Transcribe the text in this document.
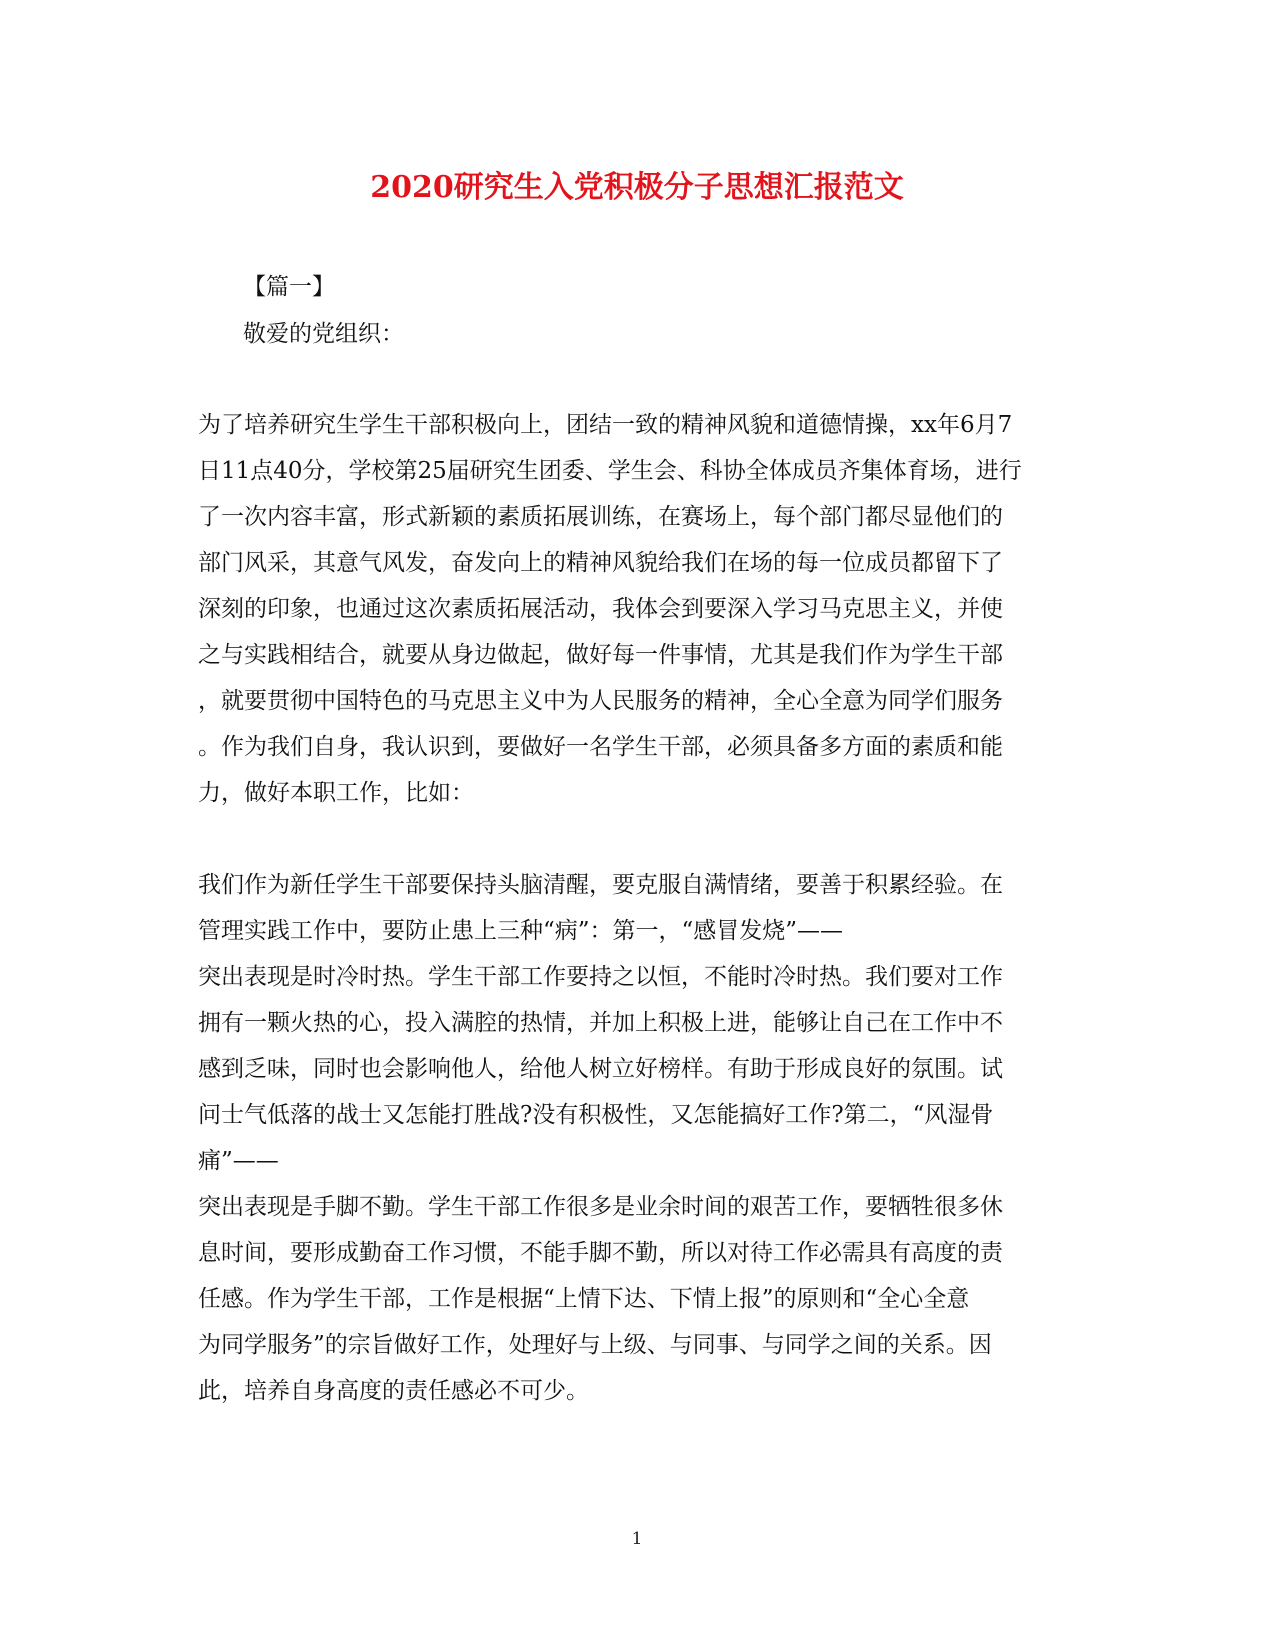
2020研究生入党积极分子思想汇报范文
【篇一】
敬爱的党组织：
为了培养研究生学生干部积极向上，团结一致的精神风貌和道德情操，xx年6月7
日11点40分，学校第25届研究生团委、学生会、科协全体成员齐集体育场，进行
了一次内容丰富，形式新颖的素质拓展训练，在赛场上，每个部门都尽显他们的
部门风采，其意气风发，奋发向上的精神风貌给我们在场的每一位成员都留下了
深刻的印象，也通过这次素质拓展活动，我体会到要深入学习马克思主义，并使
之与实践相结合，就要从身边做起，做好每一件事情，尤其是我们作为学生干部
，就要贯彻中国特色的马克思主义中为人民服务的精神，全心全意为同学们服务
。作为我们自身，我认识到，要做好一名学生干部，必须具备多方面的素质和能
力，做好本职工作，比如：
我们作为新任学生干部要保持头脑清醒，要克服自满情绪，要善于积累经验。在
管理实践工作中，要防止患上三种“病”：第一，“感冒发烧”——
突出表现是时冷时热。学生干部工作要持之以恒，不能时冷时热。我们要对工作
拥有一颗火热的心，投入满腔的热情，并加上积极上进，能够让自己在工作中不
感到乏味，同时也会影响他人，给他人树立好榜样。有助于形成良好的氛围。试
问士气低落的战士又怎能打胜战?没有积极性，又怎能搞好工作?第二，“风湿骨
痛”——
突出表现是手脚不勤。学生干部工作很多是业余时间的艰苦工作，要牺牲很多休
息时间，要形成勤奋工作习惯，不能手脚不勤，所以对待工作必需具有高度的责
任感。作为学生干部，工作是根据“上情下达、下情上报”的原则和“全心全意
为同学服务”的宗旨做好工作，处理好与上级、与同事、与同学之间的关系。因
此，培养自身高度的责任感必不可少。
1
